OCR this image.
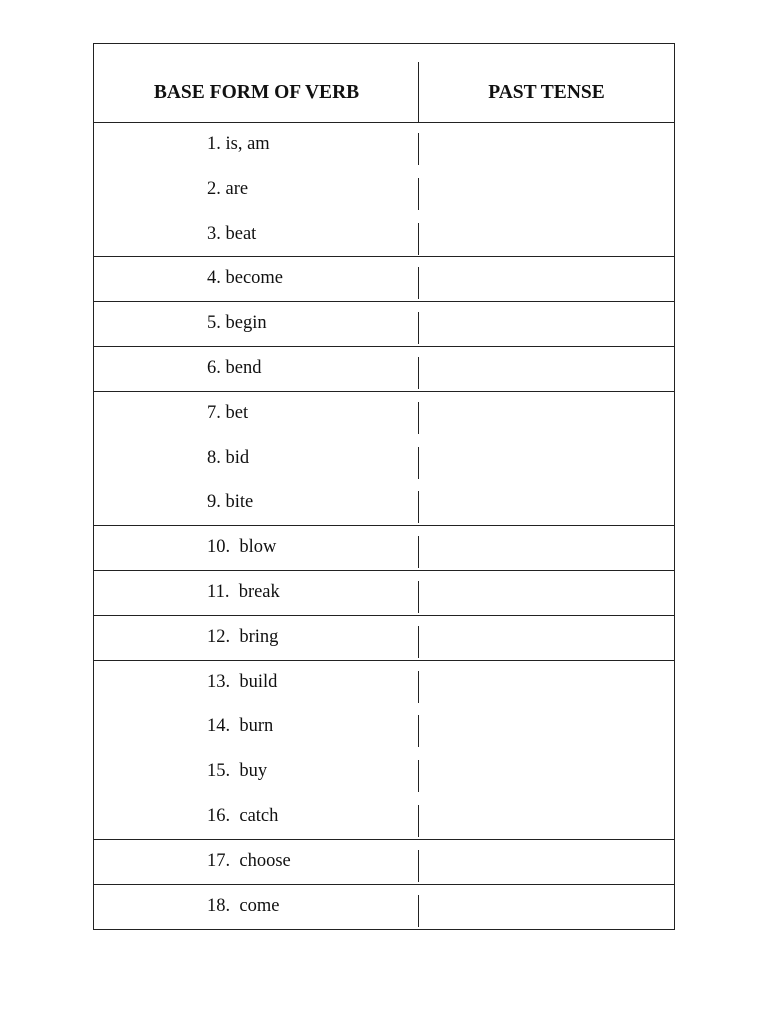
BASE FORM OF VERB	PAST TENSE
1. is, am
2. are
3. beat
4. become
5. begin
6. bend
7. bet
8. bid
9. bite
10.  blow
11.  break
12.  bring
13.  build
14.  burn
15.  buy
16.  catch
17.  choose
18.  come
